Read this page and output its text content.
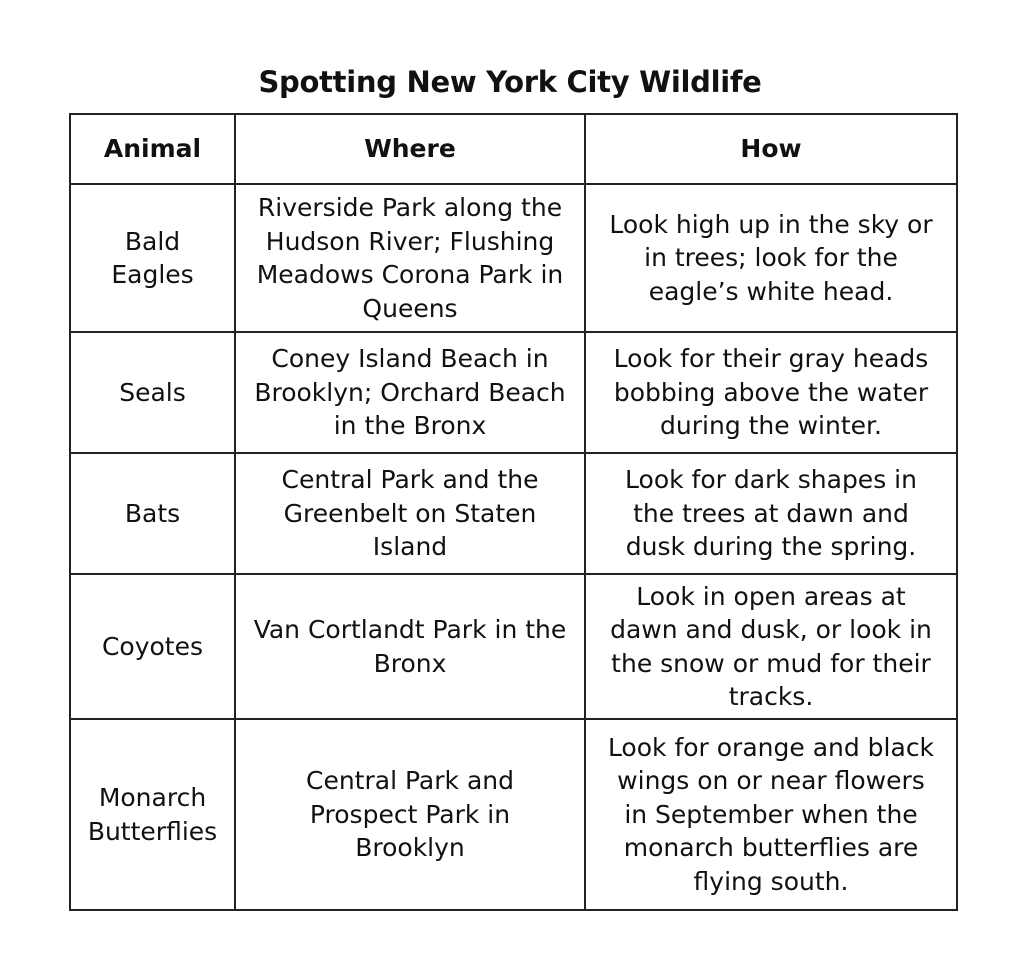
Spotting New York City Wildlife
Animal	Where	How

Bald
Eagles	Riverside Park along the
Hudson River; Flushing
Meadows Corona Park in
Queens	Look high up in the sky or
in trees; look for the
eagle’s white head.

Seals	Coney Island Beach in
Brooklyn; Orchard Beach
in the Bronx	Look for their gray heads
bobbing above the water
during the winter.

Bats	Central Park and the
Greenbelt on Staten
Island	Look for dark shapes in
the trees at dawn and
dusk during the spring.

Coyotes	Van Cortlandt Park in the
Bronx	Look in open areas at
dawn and dusk, or look in
the snow or mud for their
tracks.

Monarch
Butterflies	Central Park and
Prospect Park in
Brooklyn	Look for orange and black
wings on or near flowers
in September when the
monarch butterflies are
flying south.
